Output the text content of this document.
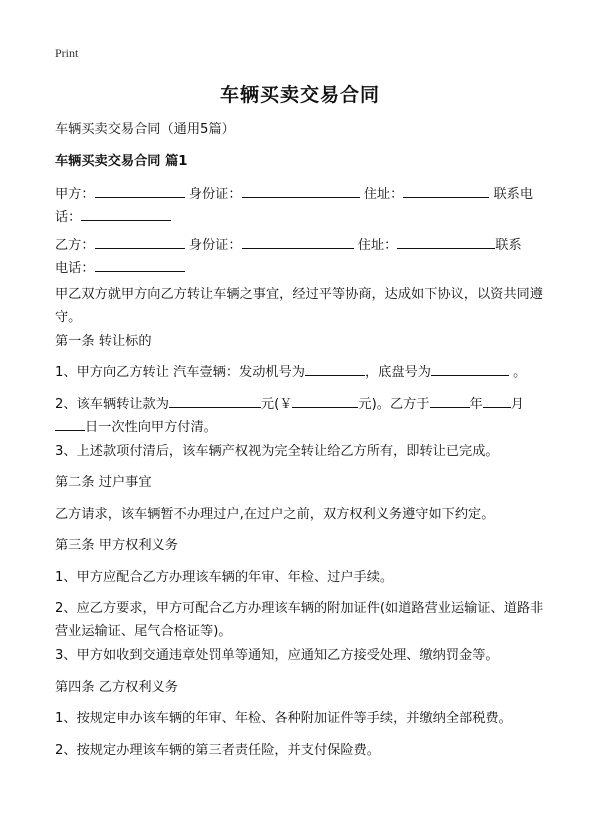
Print
车辆买卖交易合同
车辆买卖交易合同（通用5篇）
车辆买卖交易合同 篇1
甲方：	身份证：	住址：	联系电
话：
乙方：	身份证：	住址：	联系
电话：
甲乙双方就甲方向乙方转让车辆之事宜，经过平等协商，达成如下协议，以资共同遵守。
第一条 转让标的
1、甲方向乙方转让 汽车壹辆：发动机号为	，底盘号为	。
2、该车辆转让款为	元(￥	元)。乙方于	年 月
日一次性向甲方付清。
3、上述款项付清后，该车辆产权视为完全转让给乙方所有，即转让已完成。
第二条 过户事宜
乙方请求，该车辆暂不办理过户,在过户之前，双方权利义务遵守如下约定。
第三条 甲方权利义务
1、甲方应配合乙方办理该车辆的年审、年检、过户手续。
2、应乙方要求，甲方可配合乙方办理该车辆的附加证件(如道路营业运输证、道路非营业运输证、尾气合格证等)。
3、甲方如收到交通违章处罚单等通知，应通知乙方接受处理、缴纳罚金等。
第四条 乙方权利义务
1、按规定申办该车辆的年审、年检、各种附加证件等手续，并缴纳全部税费。
2、按规定办理该车辆的第三者责任险，并支付保险费。
